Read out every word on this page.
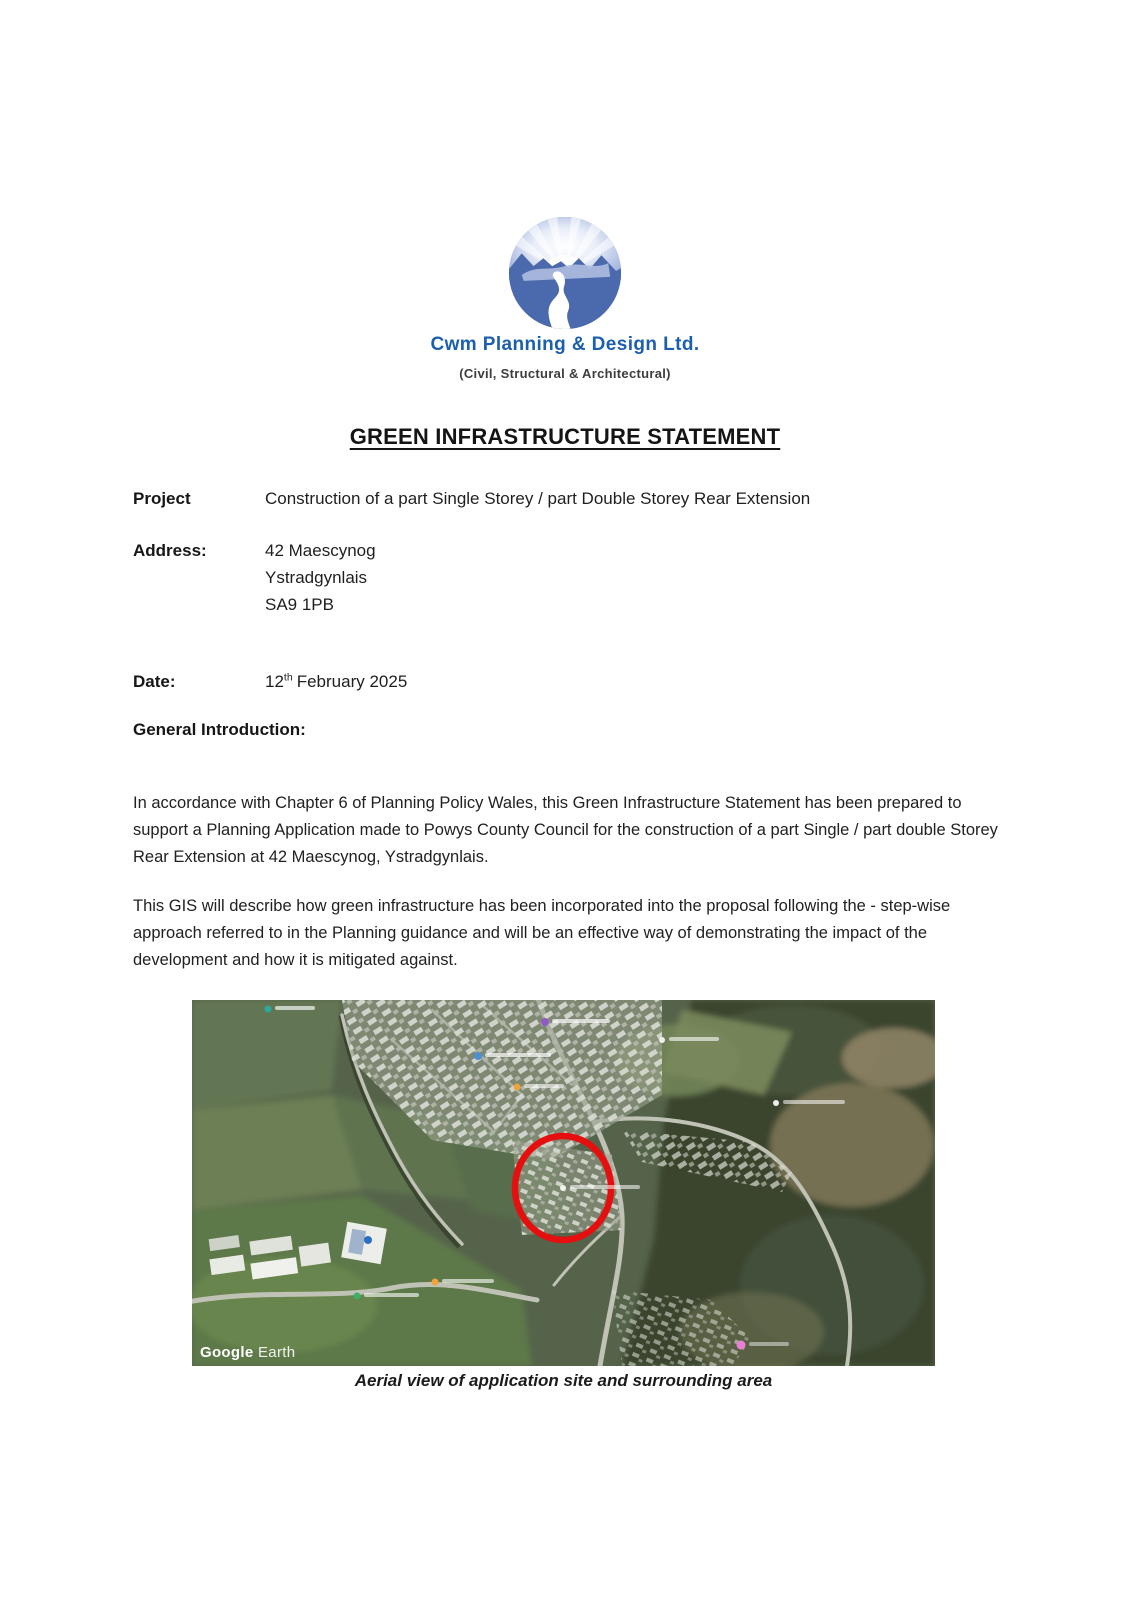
Cwm Planning & Design Ltd.
(Civil, Structural & Architectural)
GREEN INFRASTRUCTURE STATEMENT
Project	Construction of a part Single Storey / part Double Storey Rear Extension
Address:	42 Maescynog
Ystradgynlais
SA9 1PB
Date:	12th February 2025
General Introduction:

In accordance with Chapter 6 of Planning Policy Wales, this Green Infrastructure Statement has been prepared to support a Planning Application made to Powys County Council for the construction of a part Single / part double Storey Rear Extension at 42 Maescynog, Ystradgynlais.

This GIS will describe how green infrastructure has been incorporated into the proposal following the - step-wise approach referred to in the Planning guidance and will be an effective way of demonstrating the impact of the development and how it is mitigated against.

Google Earth
Aerial view of application site and surrounding area
